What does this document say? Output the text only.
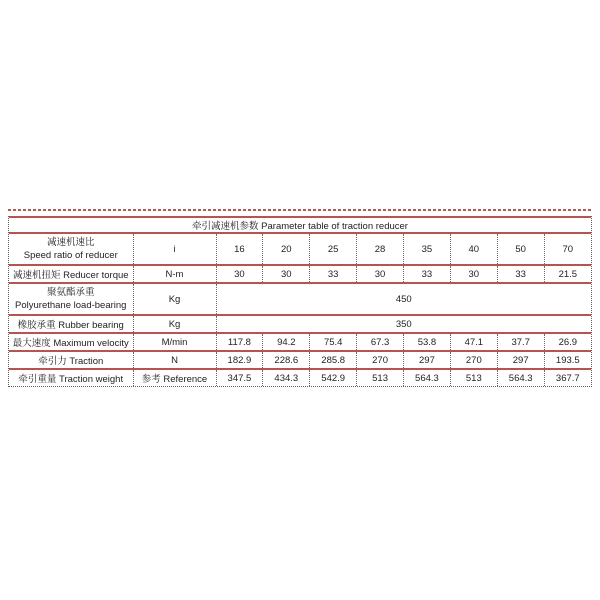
牵引减速机参数 Parameter table of traction reducer									

减速机速比
Speed ratio of reducer	i	16	20	25	28	35	40	50	70
减速机扭矩 Reducer torque	N-m	30	30	33	30	33	30	33	21.5

聚氨酯承重
Polyurethane load-bearing	Kg	450							
橡胶承重 Rubber bearing	Kg	350							
最大速度 Maximum velocity	M/min	117.8	94.2	75.4	67.3	53.8	47.1	37.7	26.9
牵引力 Traction	N	182.9	228.6	285.8	270	297	270	297	193.5
牵引重量 Traction weight	参考 Reference	347.5	434.3	542.9	513	564.3	513	564.3	367.7
